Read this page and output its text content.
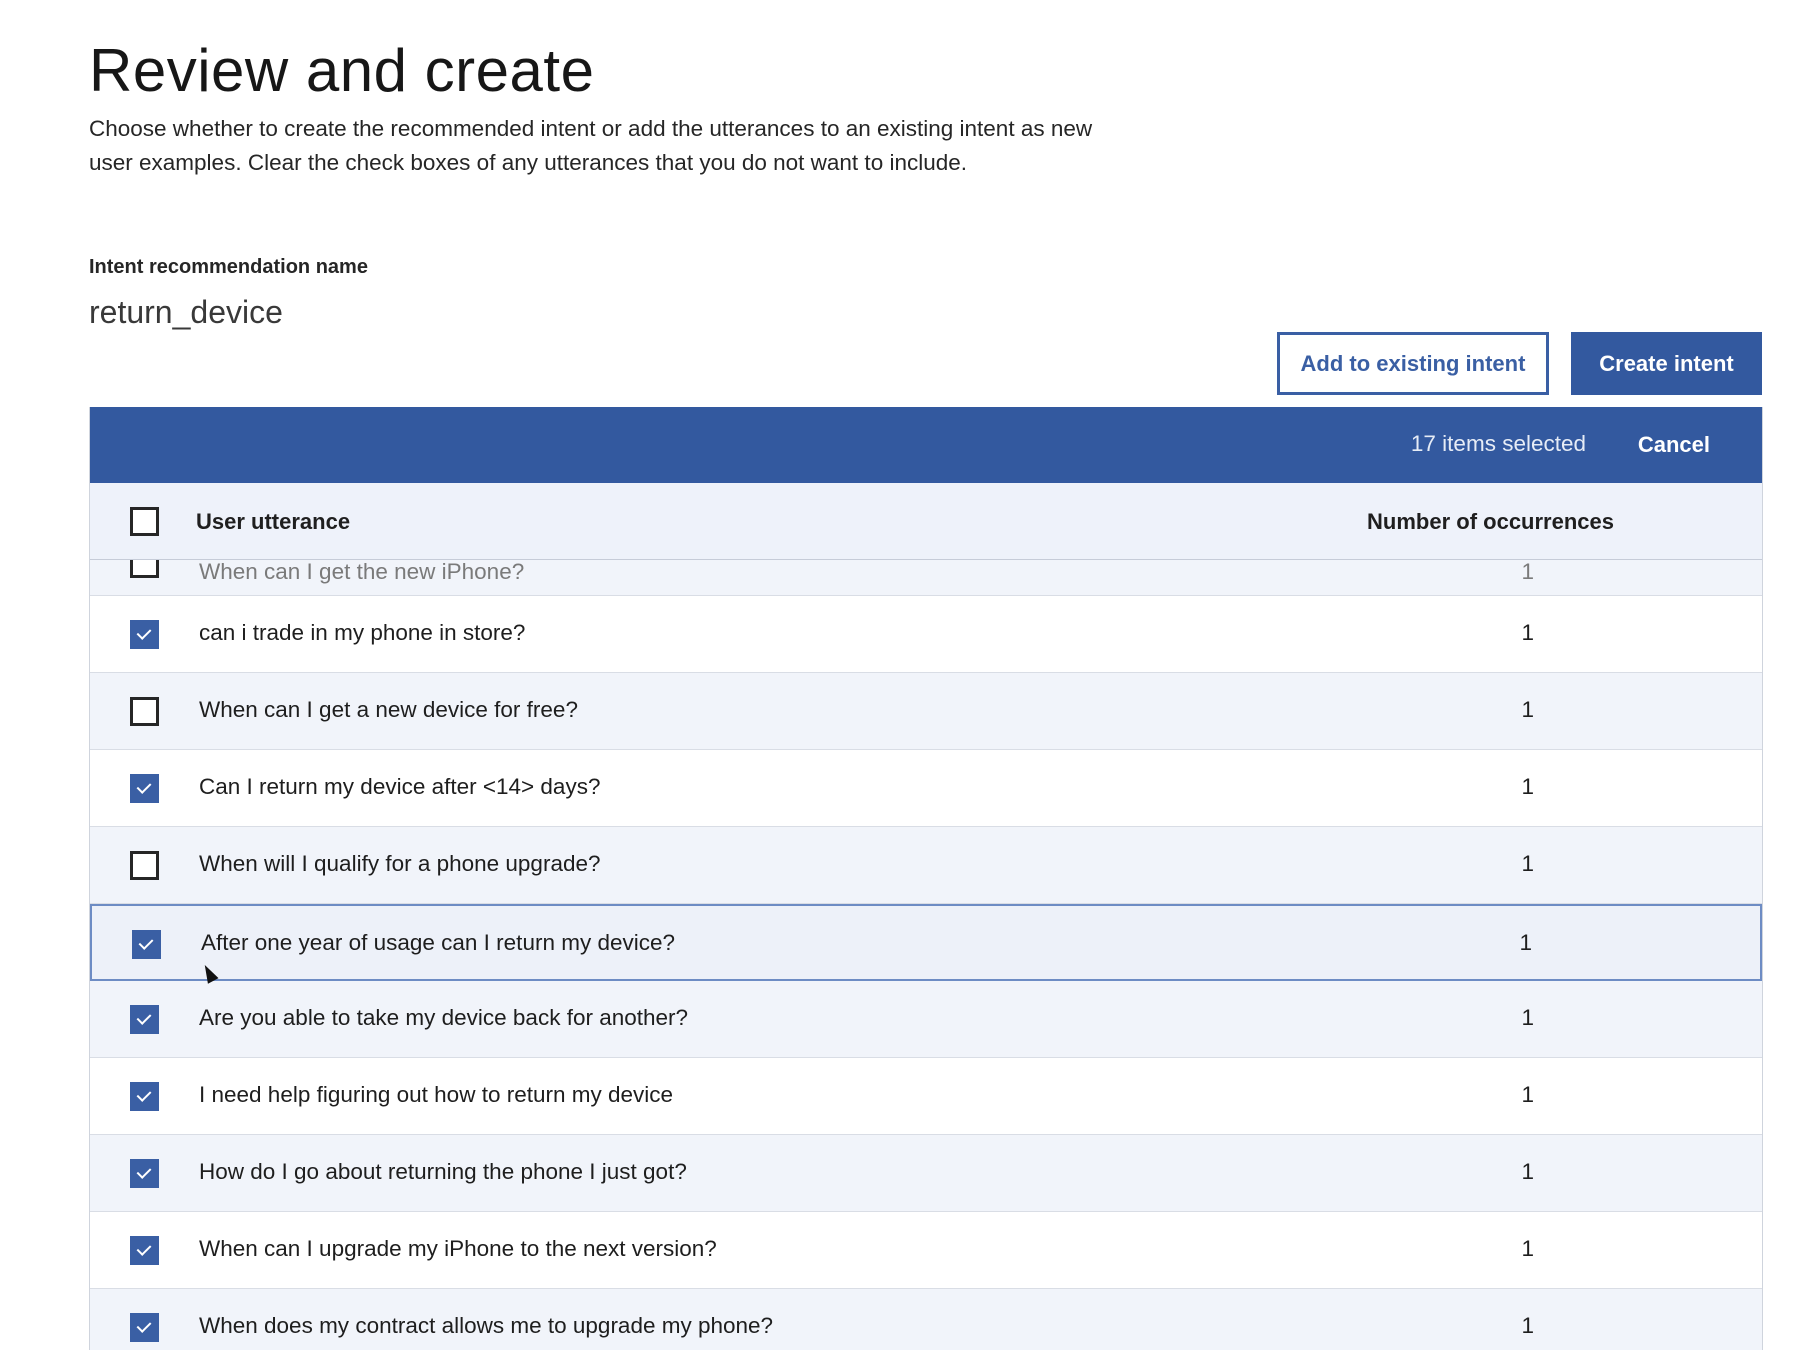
Review and create

Choose whether to create the recommended intent or add the utterances to an existing intent as new user examples. Clear the check boxes of any utterances that you do not want to include.

Intent recommendation name
return_device
Add to existing intent	Create intent
17 items selected Cancel
User utterance	Number of occurrences
When can I get the new iPhone?	1
can i trade in my phone in store?	1
When can I get a new device for free?	1
Can I return my device after <14> days?	1
When will I qualify for a phone upgrade?	1
After one year of usage can I return my device?	1
Are you able to take my device back for another?	1
I need help figuring out how to return my device	1
How do I go about returning the phone I just got?	1
When can I upgrade my iPhone to the next version?	1
When does my contract allows me to upgrade my phone?	1
